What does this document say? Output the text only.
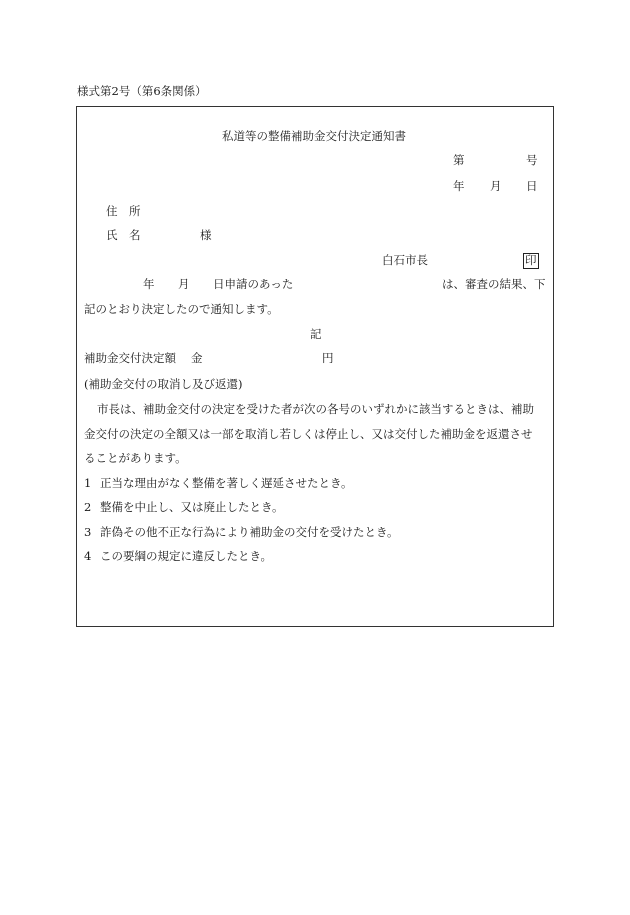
様式第2号（第6条関係）
私道等の整備補助金交付決定通知書
第	号
年 月 日
住　所
氏　名	様
白石市長	印
年 月 日申請のあった	は、審査の結果、下
記のとおり決定したので通知します。
記
補助金交付決定額 金	円
(補助金交付の取消し及び返還)
市長は、補助金交付の決定を受けた者が次の各号のいずれかに該当するときは、補助
金交付の決定の全額又は一部を取消し若しくは停止し、又は交付した補助金を返還させ
ることがあります。
1 正当な理由がなく整備を著しく遅延させたとき。
2 整備を中止し、又は廃止したとき。
3 詐偽その他不正な行為により補助金の交付を受けたとき。
4 この要綱の規定に違反したとき。
